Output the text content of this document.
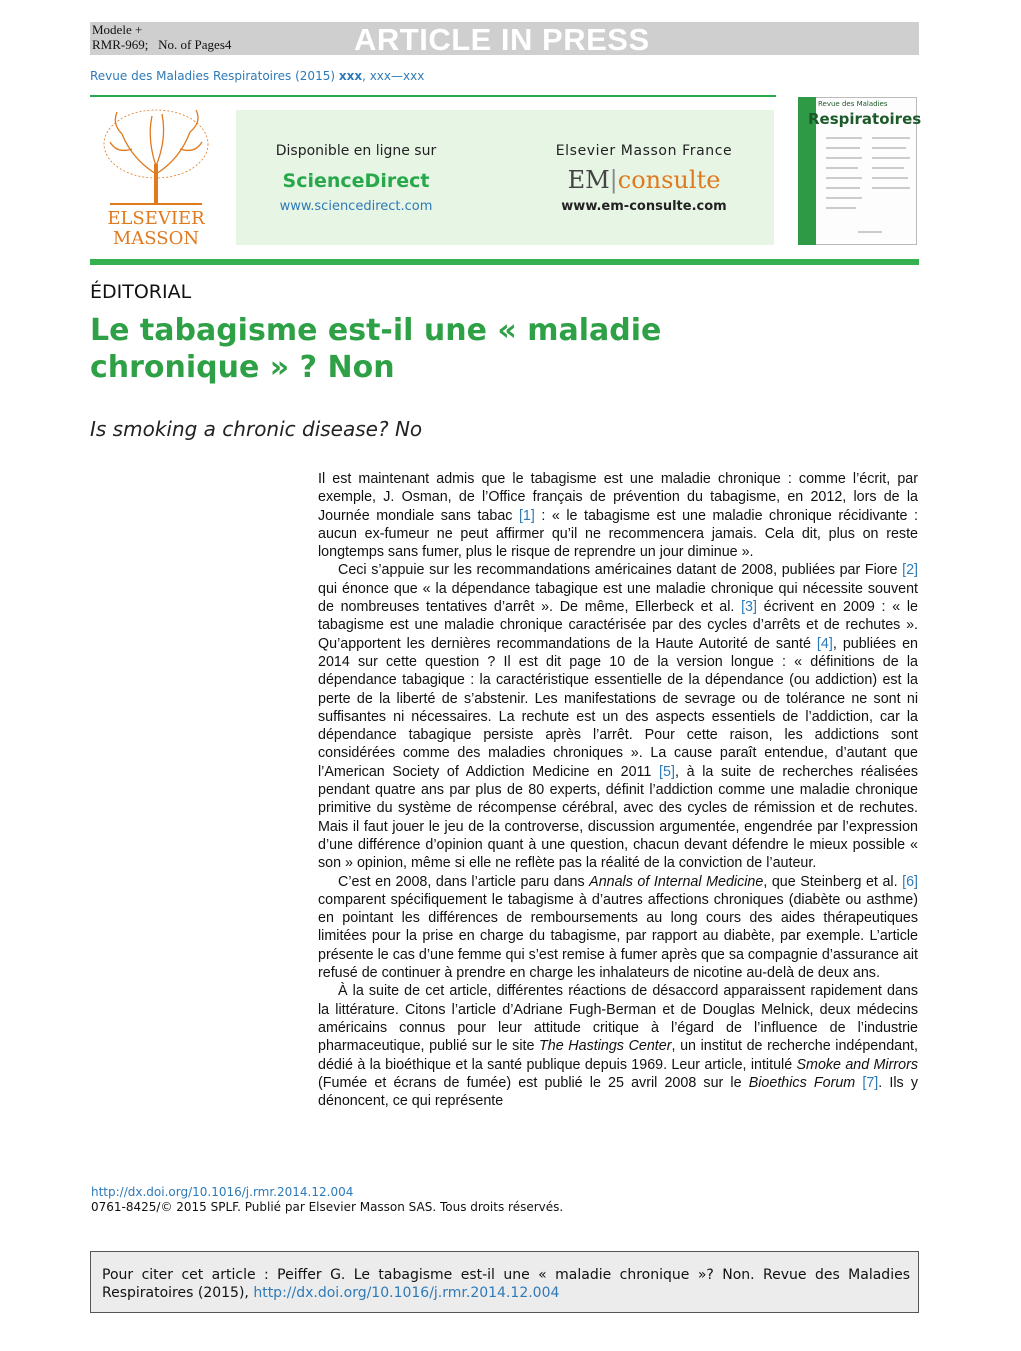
Modele +
RMR-969; No. of Pages4	ARTICLE IN PRESS
Revue des Maladies Respiratoires (2015) xxx, xxx—xxx
ELSEVIER
MASSON
Disponible en ligne sur
ScienceDirect
www.sciencedirect.com
Elsevier Masson France
EM|consulte
www.em-consulte.com
Revue des Maladies
Respiratoires
ÉDITORIAL
Le tabagisme est-il une « maladie
chronique » ? Non
Is smoking a chronic disease? No

Il est maintenant admis que le tabagisme est une maladie chronique : comme l’écrit, par exemple, J. Osman, de l’Office français de prévention du tabagisme, en 2012, lors de la Journée mondiale sans tabac [1] : « le tabagisme est une maladie chronique récidivante : aucun ex-fumeur ne peut affirmer qu’il ne recommencera jamais. Cela dit, plus on reste longtemps sans fumer, plus le risque de reprendre un jour diminue ».

Ceci s’appuie sur les recommandations américaines datant de 2008, publiées par Fiore [2] qui énonce que « la dépendance tabagique est une maladie chronique qui nécessite souvent de nombreuses tentatives d’arrêt ». De même, Ellerbeck et al. [3] écrivent en 2009 : « le tabagisme est une maladie chronique caractérisée par des cycles d’arrêts et de rechutes ». Qu’apportent les dernières recommandations de la Haute Autorité de santé [4], publiées en 2014 sur cette question ? Il est dit page 10 de la version longue : « définitions de la dépendance tabagique : la caractéristique essentielle de la dépendance (ou addiction) est la perte de la liberté de s’abstenir. Les manifestations de sevrage ou de tolérance ne sont ni suffisantes ni nécessaires. La rechute est un des aspects essentiels de l’addiction, car la dépendance tabagique persiste après l’arrêt. Pour cette raison, les addictions sont considérées comme des maladies chroniques ». La cause paraît entendue, d’autant que l’American Society of Addiction Medicine en 2011 [5], à la suite de recherches réalisées pendant quatre ans par plus de 80 experts, définit l’addiction comme une maladie chronique primitive du système de récompense cérébral, avec des cycles de rémission et de rechutes. Mais il faut jouer le jeu de la controverse, discussion argumentée, engendrée par l’expression d’une différence d’opinion quant à une question, chacun devant défendre le mieux possible « son » opinion, même si elle ne reflète pas la réalité de la conviction de l’auteur.

C’est en 2008, dans l’article paru dans Annals of Internal Medicine, que Steinberg et al. [6] comparent spécifiquement le tabagisme à d’autres affections chroniques (diabète ou asthme) en pointant les différences de remboursements au long cours des aides thérapeutiques limitées pour la prise en charge du tabagisme, par rapport au diabète, par exemple. L’article présente le cas d’une femme qui s’est remise à fumer après que sa compagnie d’assurance ait refusé de continuer à prendre en charge les inhalateurs de nicotine au-delà de deux ans.

À la suite de cet article, différentes réactions de désaccord apparaissent rapidement dans la littérature. Citons l’article d’Adriane Fugh-Berman et de Douglas Melnick, deux médecins américains connus pour leur attitude critique à l’égard de l’influence de l’industrie pharmaceutique, publié sur le site The Hastings Center, un institut de recherche indépendant, dédié à la bioéthique et la santé publique depuis 1969. Leur article, intitulé Smoke and Mirrors (Fumée et écrans de fumée) est publié le 25 avril 2008 sur le Bioethics Forum [7]. Ils y dénoncent, ce qui représente

http://dx.doi.org/10.1016/j.rmr.2014.12.004
0761-8425/© 2015 SPLF. Publié par Elsevier Masson SAS. Tous droits réservés.
Pour citer cet article : Peiffer G. Le tabagisme est-il une « maladie chronique »? Non. Revue des Maladies Respiratoires (2015), http://dx.doi.org/10.1016/j.rmr.2014.12.004
